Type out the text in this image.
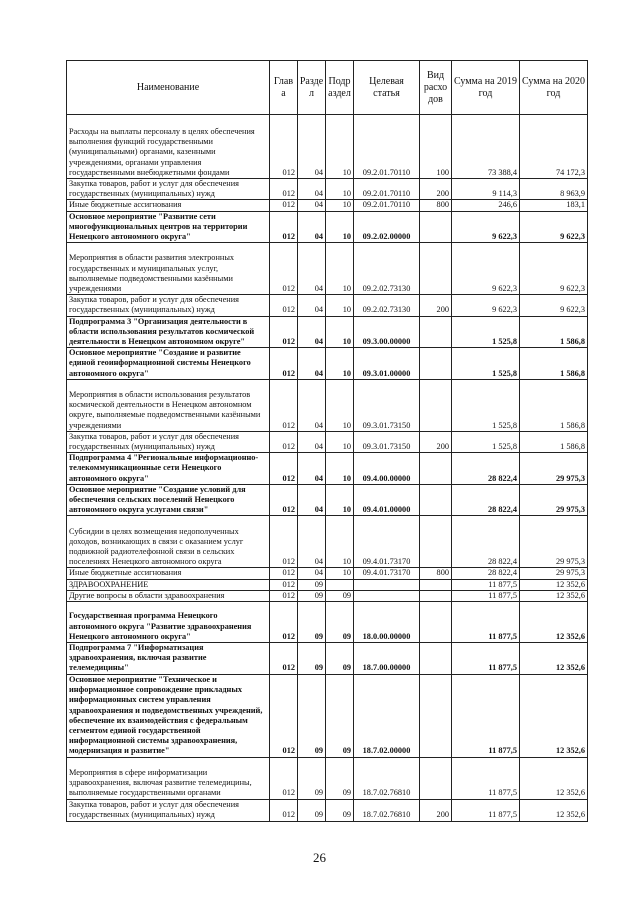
Наименование	Глав а	Разде л	Подр аздел	Целевая статья	Вид расхо дов	Сумма на 2019 год	Сумма на 2020 год
Расходы на выплаты персоналу в целях обеспечения выполнения функций государственными (муниципальными) органами, казенными учреждениями, органами управления государственными внебюджетными фондами	012	04	10	09.2.01.70110	100	73 388,4	74 172,3
Закупка товаров, работ и услуг для обеспечения государственных (муниципальных) нужд	012	04	10	09.2.01.70110	200	9 114,3	8 963,9
Иные бюджетные ассигнования	012	04	10	09.2.01.70110	800	246,6	183,1
Основное мероприятие "Развитие сети многофункциональных центров на территории Ненецкого автономного округа"	012	04	10	09.2.02.00000		9 622,3	9 622,3
Мероприятия в области развития электронных государственных и муниципальных услуг, выполняемые подведомственными казёнными учреждениями	012	04	10	09.2.02.73130		9 622,3	9 622,3
Закупка товаров, работ и услуг для обеспечения государственных (муниципальных) нужд	012	04	10	09.2.02.73130	200	9 622,3	9 622,3
Подпрограмма 3 "Организация деятельности в области использования результатов космической деятельности в Ненецком автономном округе"	012	04	10	09.3.00.00000		1 525,8	1 586,8
Основное мероприятие "Создание и развитие единой геоинформационной системы Ненецкого автономного округа"	012	04	10	09.3.01.00000		1 525,8	1 586,8
Мероприятия в области использования результатов космической деятельности в Ненецком автономном округе, выполняемые подведомственными казёнными учреждениями	012	04	10	09.3.01.73150		1 525,8	1 586,8
Закупка товаров, работ и услуг для обеспечения государственных (муниципальных) нужд	012	04	10	09.3.01.73150	200	1 525,8	1 586,8
Подпрограмма 4 "Региональные информационно-телекоммуникационные сети Ненецкого автономного округа"	012	04	10	09.4.00.00000		28 822,4	29 975,3
Основное мероприятие "Создание условий для обеспечения сельских поселений Ненецкого автономного округа услугами связи"	012	04	10	09.4.01.00000		28 822,4	29 975,3
Субсидии в целях возмещения недополученных доходов, возникающих в связи с оказанием услуг подвижной радиотелефонной связи в сельских поселениях Ненецкого автономного округа	012	04	10	09.4.01.73170		28 822,4	29 975,3
Иные бюджетные ассигнования	012	04	10	09.4.01.73170	800	28 822,4	29 975,3
ЗДРАВООХРАНЕНИЕ	012	09				11 877,5	12 352,6
Другие вопросы в области здравоохранения	012	09	09			11 877,5	12 352,6
Государственная программа Ненецкого автономного округа "Развитие здравоохранения Ненецкого автономного округа"	012	09	09	18.0.00.00000		11 877,5	12 352,6
Подпрограмма 7 "Информатизация здравоохранения, включая развитие телемедицины"	012	09	09	18.7.00.00000		11 877,5	12 352,6
Основное мероприятие "Техническое и информационное сопровождение прикладных информационных систем управления здравоохранения и подведомственных учреждений, обеспечение их взаимодействия с федеральным сегментом единой государственной информационной системы здравоохранения, модернизация и развитие"	012	09	09	18.7.02.00000		11 877,5	12 352,6
Мероприятия в сфере информатизации здравоохранения, включая развитие телемедицины, выполняемые государственными органами	012	09	09	18.7.02.76810		11 877,5	12 352,6
Закупка товаров, работ и услуг для обеспечения государственных (муниципальных) нужд	012	09	09	18.7.02.76810	200	11 877,5	12 352,6
26
